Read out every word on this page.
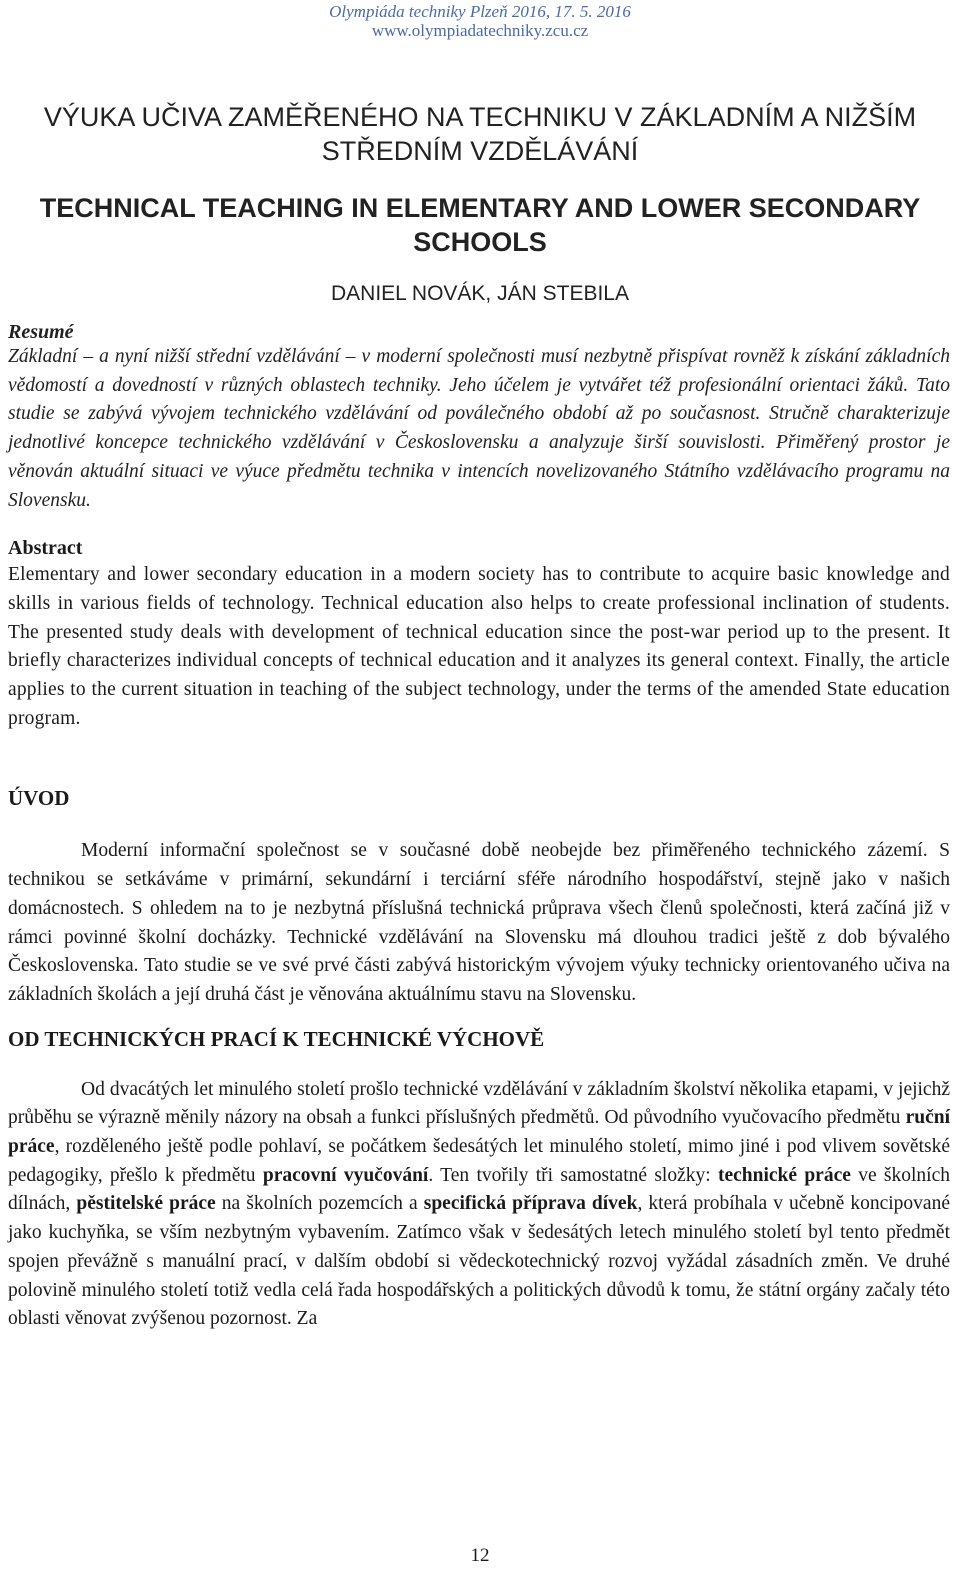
Olympiáda techniky Plzeň 2016, 17. 5. 2016
www.olympiadatechniky.zcu.cz
VÝUKA UČIVA ZAMĚŘENÉHO NA TECHNIKU V ZÁKLADNÍM A NIŽŠÍM STŘEDNÍM VZDĚLÁVÁNÍ
TECHNICAL TEACHING IN ELEMENTARY AND LOWER SECONDARY SCHOOLS
DANIEL NOVÁK, JÁN STEBILA
Resumé

Základní – a nyní nižší střední vzdělávání – v moderní společnosti musí nezbytně přispívat rovněž k získání základních vědomostí a dovedností v různých oblastech techniky. Jeho účelem je vytvářet též profesionální orientaci žáků. Tato studie se zabývá vývojem technického vzdělávání od poválečného období až po současnost. Stručně charakterizuje jednotlivé koncepce technického vzdělávání v Československu a analyzuje širší souvislosti. Přiměřený prostor je věnován aktuální situaci ve výuce předmětu technika v intencích novelizovaného Státního vzdělávacího programu na Slovensku.

Abstract

Elementary and lower secondary education in a modern society has to contribute to acquire basic knowledge and skills in various fields of technology. Technical education also helps to create professional inclination of students. The presented study deals with development of technical education since the post-war period up to the present. It briefly characterizes individual concepts of technical education and it analyzes its general context. Finally, the article applies to the current situation in teaching of the subject technology, under the terms of the amended State education program.

ÚVOD

Moderní informační společnost se v současné době neobejde bez přiměřeného technického zázemí. S technikou se setkáváme v primární, sekundární i terciární sféře národního hospodářství, stejně jako v našich domácnostech. S ohledem na to je nezbytná příslušná technická průprava všech členů společnosti, která začíná již v rámci povinné školní docházky. Technické vzdělávání na Slovensku má dlouhou tradici ještě z dob bývalého Československa. Tato studie se ve své prvé části zabývá historickým vývojem výuky technicky orientovaného učiva na základních školách a její druhá část je věnována aktuálnímu stavu na Slovensku.

OD TECHNICKÝCH PRACÍ K TECHNICKÉ VÝCHOVĚ

Od dvacátých let minulého století prošlo technické vzdělávání v základním školství několika etapami, v jejichž průběhu se výrazně měnily názory na obsah a funkci příslušných předmětů. Od původního vyučovacího předmětu ruční práce, rozděleného ještě podle pohlaví, se počátkem šedesátých let minulého století, mimo jiné i pod vlivem sovětské pedagogiky, přešlo k předmětu pracovní vyučování. Ten tvořily tři samostatné složky: technické práce ve školních dílnách, pěstitelské práce na školních pozemcích a specifická příprava dívek, která probíhala v učebně koncipované jako kuchyňka, se vším nezbytným vybavením. Zatímco však v šedesátých letech minulého století byl tento předmět spojen převážně s manuální prací, v dalším období si vědeckotechnický rozvoj vyžádal zásadních změn. Ve druhé polovině minulého století totiž vedla celá řada hospodářských a politických důvodů k tomu, že státní orgány začaly této oblasti věnovat zvýšenou pozornost. Za

12
